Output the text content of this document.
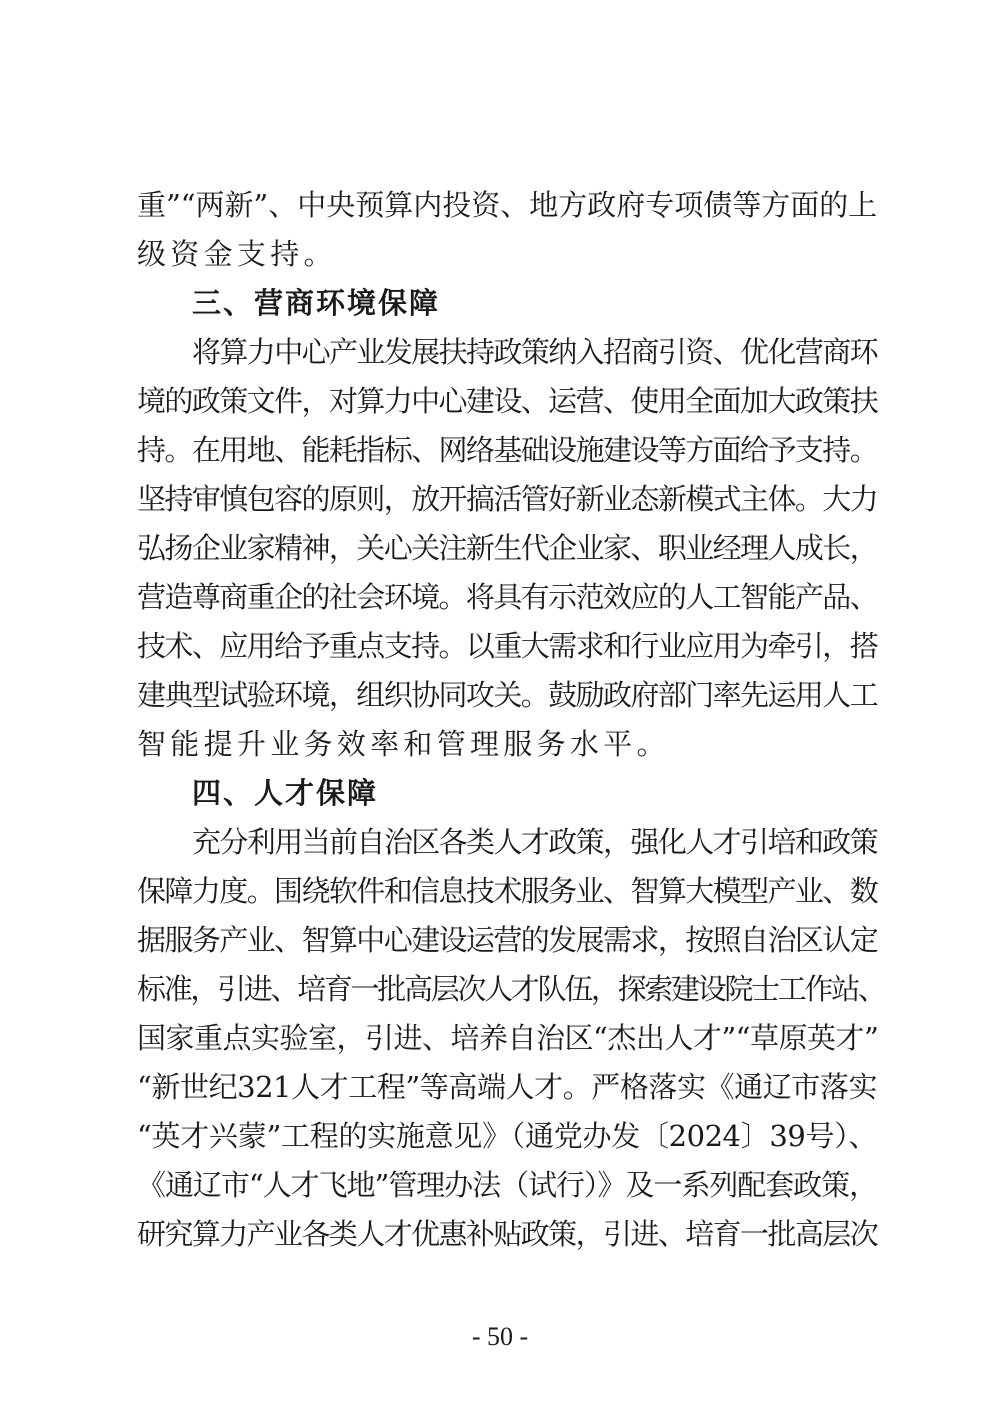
重”“两新”、中央预算内投资、地方政府专项债等方面的上
级资金支持。
三、营商环境保障
将算力中心产业发展扶持政策纳入招商引资、优化营商环
境的政策文件，对算力中心建设、运营、使用全面加大政策扶
持。在用地、能耗指标、网络基础设施建设等方面给予支持。
坚持审慎包容的原则，放开搞活管好新业态新模式主体。大力
弘扬企业家精神，关心关注新生代企业家、职业经理人成长，
营造尊商重企的社会环境。将具有示范效应的人工智能产品、
技术、应用给予重点支持。以重大需求和行业应用为牵引，搭
建典型试验环境，组织协同攻关。鼓励政府部门率先运用人工
智能提升业务效率和管理服务水平。
四、人才保障
充分利用当前自治区各类人才政策，强化人才引培和政策
保障力度。围绕软件和信息技术服务业、智算大模型产业、数
据服务产业、智算中心建设运营的发展需求，按照自治区认定
标准，引进、培育一批高层次人才队伍，探索建设院士工作站、
国家重点实验室，引进、培养自治区“杰出人才”“草原英才”
“新世纪321人才工程”等高端人才。严格落实《通辽市落实
“英才兴蒙”工程的实施意见》（通党办发〔2024〕39号）、
《通辽市“人才飞地”管理办法（试行）》及一系列配套政策，
研究算力产业各类人才优惠补贴政策，引进、培育一批高层次
- 50 -
